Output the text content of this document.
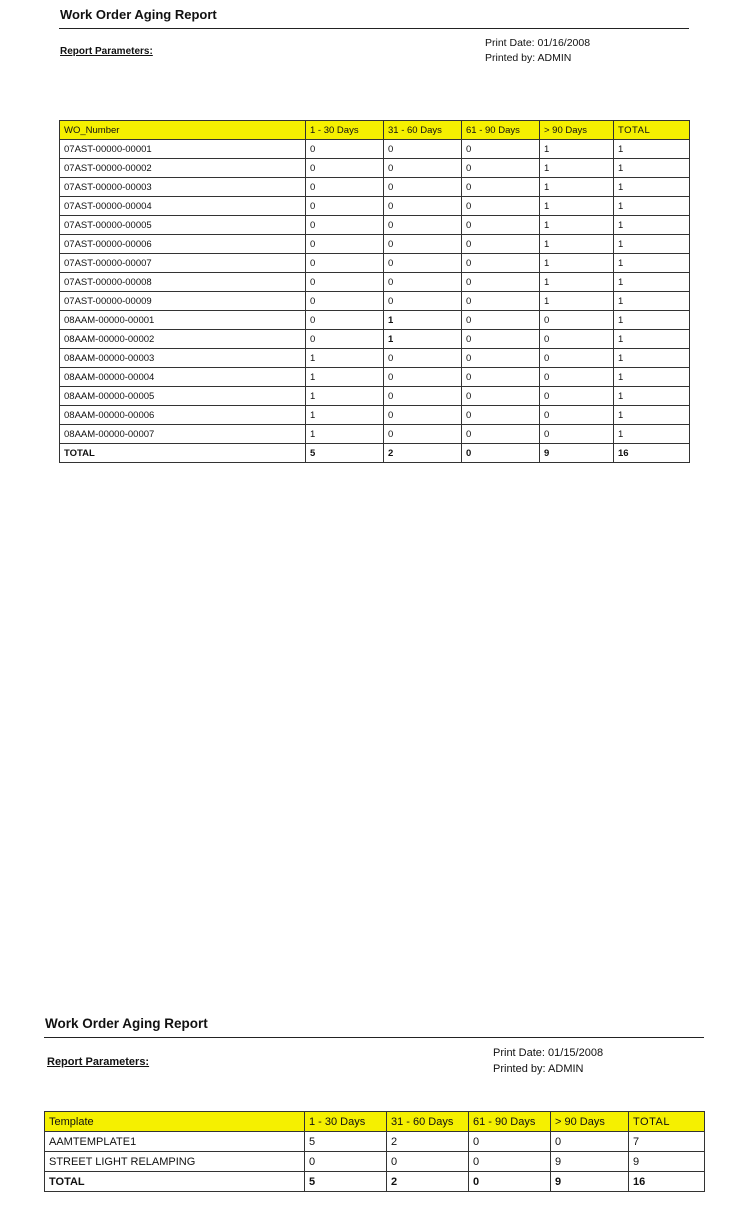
Work Order Aging Report
Report Parameters:
Print Date: 01/16/2008
Printed by: ADMIN
WO_Number	1 - 30 Days	31 - 60 Days	61 - 90 Days	> 90 Days	TOTAL
07AST-00000-00001	0	0	0	1	1
07AST-00000-00002	0	0	0	1	1
07AST-00000-00003	0	0	0	1	1
07AST-00000-00004	0	0	0	1	1
07AST-00000-00005	0	0	0	1	1
07AST-00000-00006	0	0	0	1	1
07AST-00000-00007	0	0	0	1	1
07AST-00000-00008	0	0	0	1	1
07AST-00000-00009	0	0	0	1	1
08AAM-00000-00001	0	1	0	0	1
08AAM-00000-00002	0	1	0	0	1
08AAM-00000-00003	1	0	0	0	1
08AAM-00000-00004	1	0	0	0	1
08AAM-00000-00005	1	0	0	0	1
08AAM-00000-00006	1	0	0	0	1
08AAM-00000-00007	1	0	0	0	1
TOTAL	5	2	0	9	16
Work Order Aging Report
Report Parameters:
Print Date: 01/15/2008
Printed by: ADMIN
Template	1 - 30 Days	31 - 60 Days	61 - 90 Days	> 90 Days	TOTAL
AAMTEMPLATE1	5	2	0	0	7
STREET LIGHT RELAMPING	0	0	0	9	9
TOTAL	5	2	0	9	16
